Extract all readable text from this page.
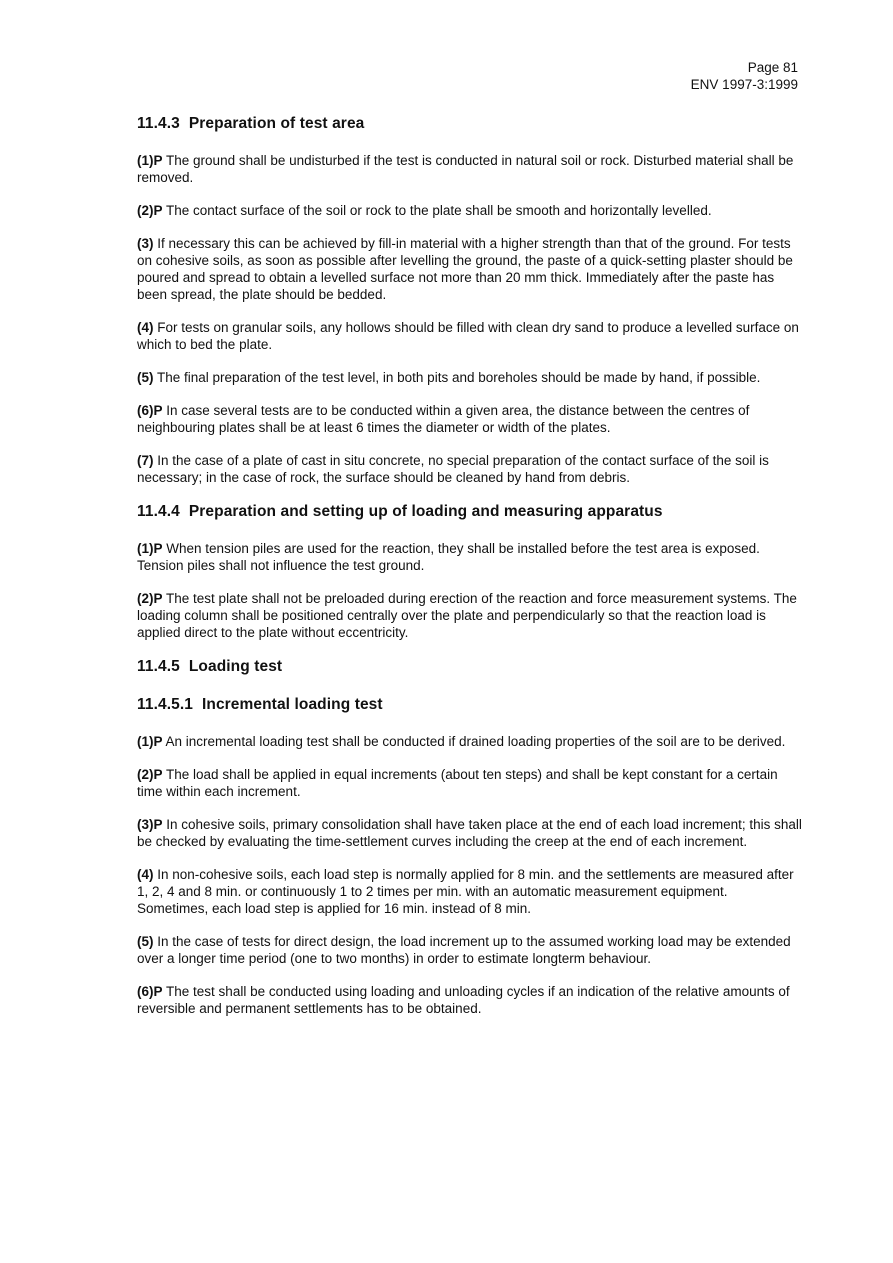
Page 81
ENV 1997-3:1999
11.4.3 Preparation of test area

(1)P The ground shall be undisturbed if the test is conducted in natural soil or rock. Disturbed material shall be removed.

(2)P The contact surface of the soil or rock to the plate shall be smooth and horizontally levelled.

(3) If necessary this can be achieved by fill-in material with a higher strength than that of the ground. For tests on cohesive soils, as soon as possible after levelling the ground, the paste of a quick-setting plaster should be poured and spread to obtain a levelled surface not more than 20 mm thick. Immediately after the paste has been spread, the plate should be bedded.

(4) For tests on granular soils, any hollows should be filled with clean dry sand to produce a levelled surface on which to bed the plate.

(5) The final preparation of the test level, in both pits and boreholes should be made by hand, if possible.

(6)P In case several tests are to be conducted within a given area, the distance between the centres of neighbouring plates shall be at least 6 times the diameter or width of the plates.

(7) In the case of a plate of cast in situ concrete, no special preparation of the contact surface of the soil is necessary; in the case of rock, the surface should be cleaned by hand from debris.

11.4.4 Preparation and setting up of loading and measuring apparatus

(1)P When tension piles are used for the reaction, they shall be installed before the test area is exposed. Tension piles shall not influence the test ground.

(2)P The test plate shall not be preloaded during erection of the reaction and force measurement systems. The loading column shall be positioned centrally over the plate and perpendicularly so that the reaction load is applied direct to the plate without eccentricity.

11.4.5 Loading test
11.4.5.1 Incremental loading test

(1)P An incremental loading test shall be conducted if drained loading properties of the soil are to be derived.

(2)P The load shall be applied in equal increments (about ten steps) and shall be kept constant for a certain time within each increment.

(3)P In cohesive soils, primary consolidation shall have taken place at the end of each load increment; this shall be checked by evaluating the time-settlement curves including the creep at the end of each increment.

(4) In non-cohesive soils, each load step is normally applied for 8 min. and the settlements are measured after 1, 2, 4 and 8 min. or continuously 1 to 2 times per min. with an automatic measurement equipment. Sometimes, each load step is applied for 16 min. instead of 8 min.

(5) In the case of tests for direct design, the load increment up to the assumed working load may be extended over a longer time period (one to two months) in order to estimate longterm behaviour.

(6)P The test shall be conducted using loading and unloading cycles if an indication of the relative amounts of reversible and permanent settlements has to be obtained.
